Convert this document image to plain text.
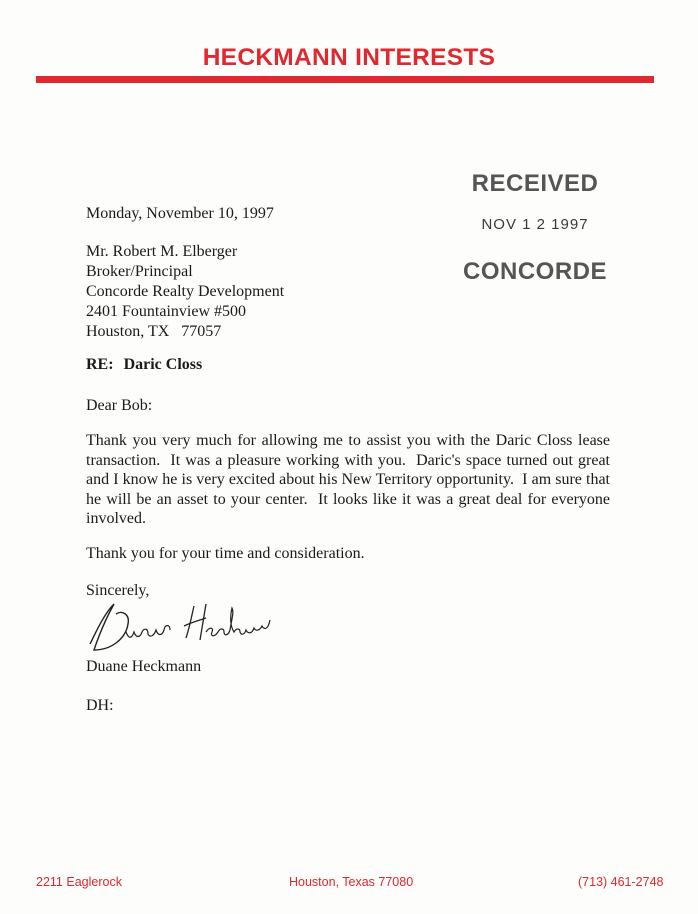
HECKMANN INTERESTS
RECEIVED
NOV 1 2 1997
CONCORDE
Monday, November 10, 1997
Mr. Robert M. Elberger
Broker/Principal
Concorde Realty Development
2401 Fountainview #500
Houston, TX   77057
RE: Daric Closs
Dear Bob:
Thank you very much for allowing me to assist you with the Daric Closs lease transaction.  It was a pleasure working with you.  Daric's space turned out great and I know he is very excited about his New Territory opportunity.  I am sure that he will be an asset to your center.  It looks like it was a great deal for everyone involved.
Thank you for your time and consideration.
Sincerely,
Duane Heckmann
DH:
2211 Eaglerock	Houston, Texas 77080	(713) 461-2748
